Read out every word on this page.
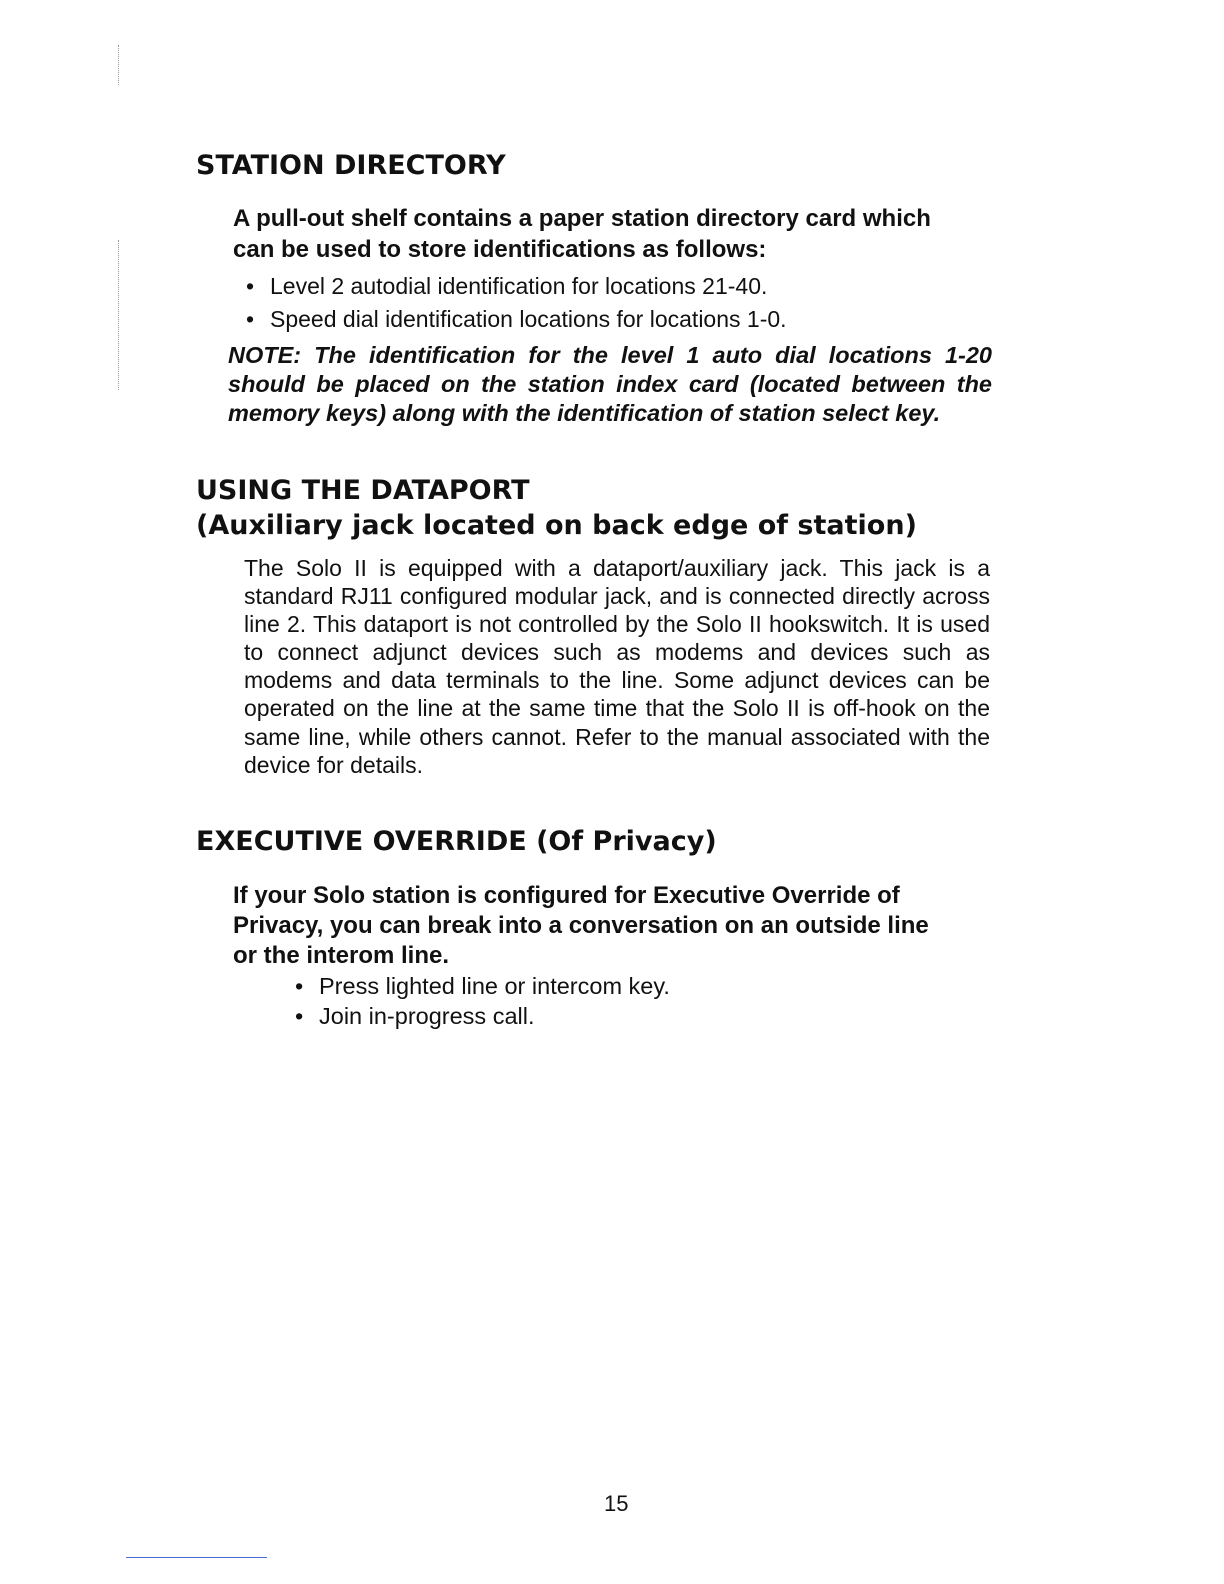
STATION DIRECTORY

A pull-out shelf contains a paper station directory card which

can be used to store identifications as follows:

• Level 2 autodial identification for locations 21-40.
• Speed dial identification locations for locations 1-0.

NOTE: The identification for the level 1 auto dial locations 1-20 should be placed on the station index card (located between the memory keys) along with the identification of station select key.

USING THE DATAPORT
(Auxiliary jack located on back edge of station)

The Solo II is equipped with a dataport/auxiliary jack. This jack is a standard RJ11 configured modular jack, and is connected directly across line 2. This dataport is not controlled by the Solo II hookswitch. It is used to connect adjunct devices such as modems and devices such as modems and data terminals to the line. Some adjunct devices can be operated on the line at the same time that the Solo II is off-hook on the same line, while others cannot. Refer to the manual associated with the device for details.

EXECUTIVE OVERRIDE (Of Privacy)

If your Solo station is configured for Executive Override of

Privacy, you can break into a conversation on an outside line

or the interom line.

• Press lighted line or intercom key.
• Join in-progress call.
15
